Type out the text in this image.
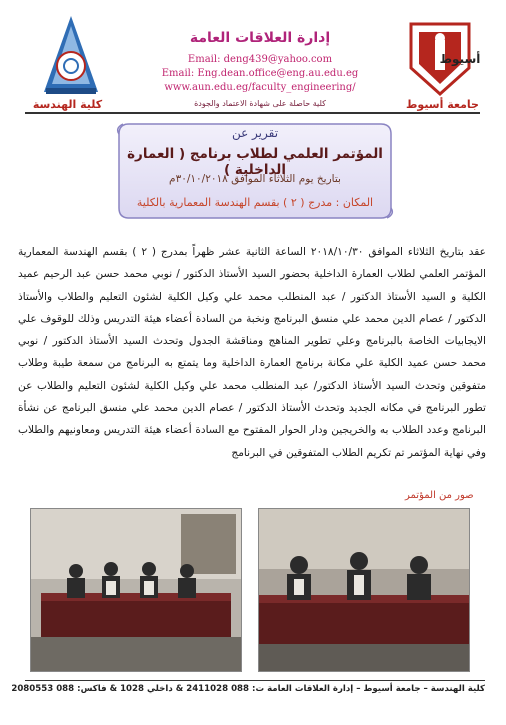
أسيوط
إدارة العلاقات العامة
Email: deng439@yahoo.com
Email: Eng.dean.office@eng.au.edu.eg
www.aun.edu.eg/faculty_engineering/
كلية حاصلة على شهادة الاعتماد والجودة	جامعة أسيوط
كلية الهندسة
تقرير عن
المؤتمر العلمي لطلاب برنامج ( العمارة الداخلية )
بتاريخ يوم الثلاثاء الموافق ٣٠/١٠/٢٠١٨م
المكان : مدرج ( ٢ ) بقسم الهندسة المعمارية بالكلية
عقد بتاريخ الثلاثاء الموافق ٢٠١٨/١٠/٣٠ الساعة الثانية عشر ظهراً بمدرج ( ٢ ) بقسم الهندسة المعمارية المؤتمر العلمي لطلاب العمارة الداخلية بحضور السيد الأستاذ الدكتور / نوبي محمد حسن عبد الرحيم عميد الكلية و السيد الأستاذ الدكتور / عبد المنطلب محمد علي وكيل الكلية لشئون التعليم والطلاب والأستاذ الدكتور / عصام الدين محمد علي منسق البرنامج ونخبة من السادة أعضاء هيئة التدريس وذلك للوقوف علي الايجابيات الخاصة بالبرنامج وعلي تطوير المناهج ومناقشة الجدول وتحدث السيد الأستاذ الدكتور / نوبي محمد حسن عميد الكلية علي مكانة برنامج العمارة الداخلية وما يتمتع به البرنامج من سمعة طيبة وطلاب متفوقين وتحدث السيد الأستاذ الدكتور/ عبد المنطلب محمد علي وكيل الكلية لشئون التعليم والطلاب عن تطور البرنامج في مكانه الجديد وتحدث الأستاذ الدكتور / عصام الدين محمد علي منسق البرنامج عن نشأة البرنامج وعدد الطلاب به والخريجين ودار الحوار المفتوح مع السادة أعضاء هيئة التدريس ومعاونيهم والطلاب وفي نهاية المؤتمر تم تكريم الطلاب المتفوقين في البرنامج
صور من المؤتمر
كلية الهندسة – جامعة أسيوط – إدارة العلاقات العامة ت: 088 2411028 & داخلي 1028 & فاكس: 088 2080553
